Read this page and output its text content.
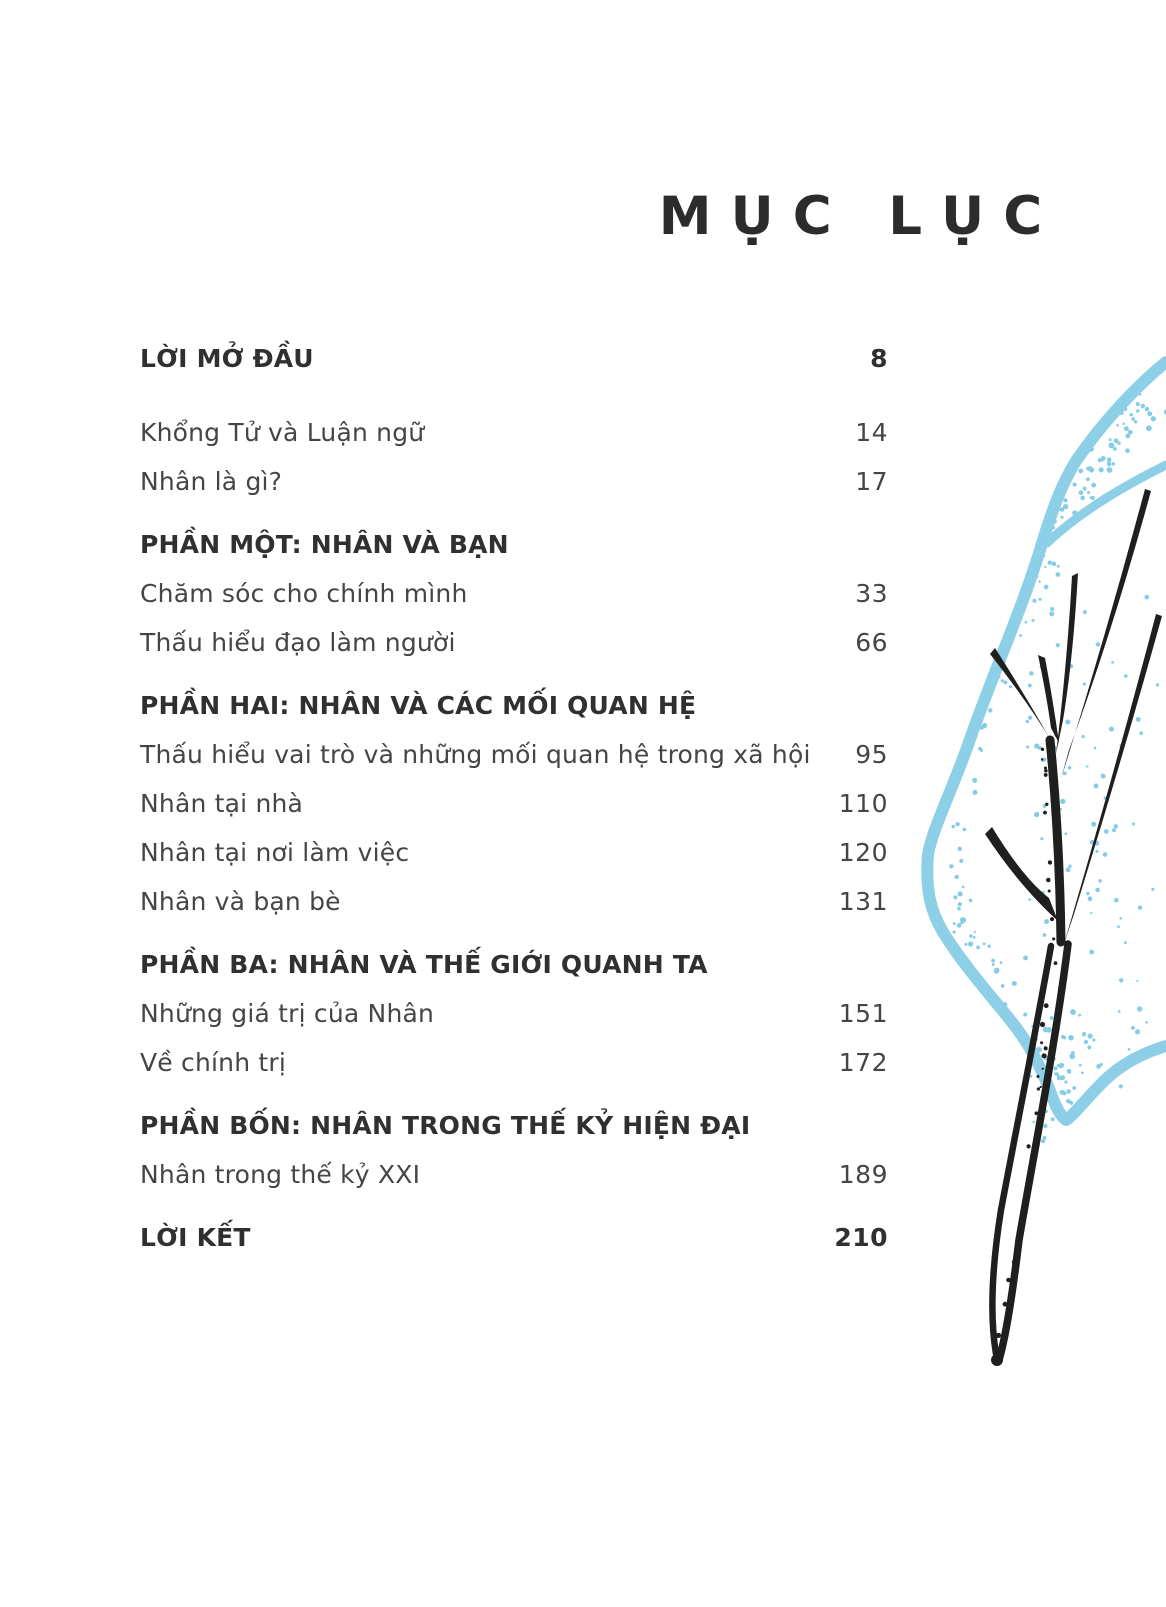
MỤC LỤC
LỜI MỞ ĐẦU	8
Khổng Tử và Luận ngữ	14
Nhân là gì?	17
PHẦN MỘT: NHÂN VÀ BẠN
Chăm sóc cho chính mình	33
Thấu hiểu đạo làm người	66
PHẦN HAI: NHÂN VÀ CÁC MỐI QUAN HỆ
Thấu hiểu vai trò và những mối quan hệ trong xã hội 95
Nhân tại nhà	110
Nhân tại nơi làm việc	120
Nhân và bạn bè	131
PHẦN BA: NHÂN VÀ THẾ GIỚI QUANH TA
Những giá trị của Nhân	151
Về chính trị	172
PHẦN BỐN: NHÂN TRONG THẾ KỶ HIỆN ĐẠI
Nhân trong thế kỷ XXI	189
LỜI KẾT	210
